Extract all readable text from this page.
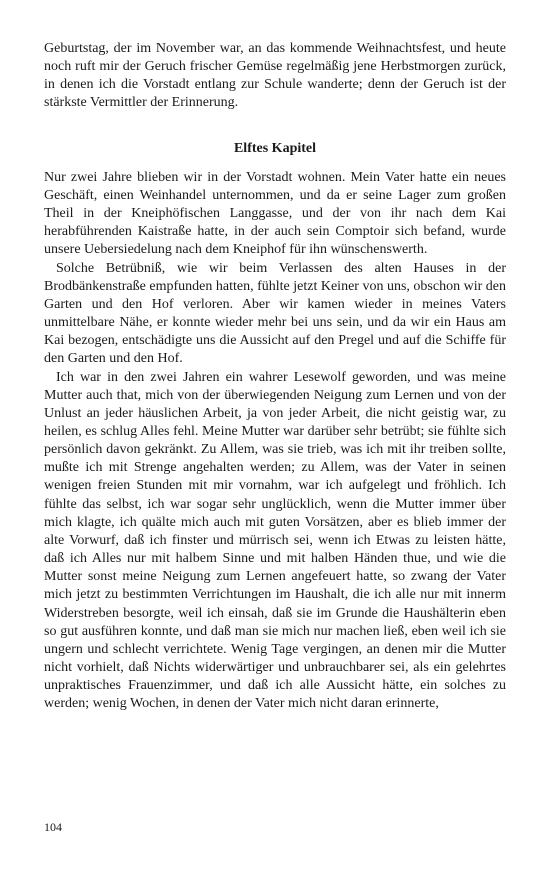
Geburtstag, der im November war, an das kommende Weihnachtsfest, und heute noch ruft mir der Geruch frischer Gemüse regelmäßig jene Herbstmorgen zurück, in denen ich die Vorstadt entlang zur Schule wanderte; denn der Geruch ist der stärkste Vermittler der Erinnerung.

Elftes Kapitel

Nur zwei Jahre blieben wir in der Vorstadt wohnen. Mein Vater hatte ein neues Geschäft, einen Weinhandel unternommen, und da er seine Lager zum großen Theil in der Kneiphöfischen Langgasse, und der von ihr nach dem Kai herabführenden Kaistraße hatte, in der auch sein Comptoir sich befand, wurde unsere Uebersiedelung nach dem Kneiphof für ihn wünschenswerth.

Solche Betrübniß, wie wir beim Verlassen des alten Hauses in der Brodbänkenstraße empfunden hatten, fühlte jetzt Keiner von uns, obschon wir den Garten und den Hof verloren. Aber wir kamen wieder in meines Vaters unmittelbare Nähe, er konnte wieder mehr bei uns sein, und da wir ein Haus am Kai bezogen, entschädigte uns die Aussicht auf den Pregel und auf die Schiffe für den Garten und den Hof.

Ich war in den zwei Jahren ein wahrer Lesewolf geworden, und was meine Mutter auch that, mich von der überwiegenden Neigung zum Lernen und von der Unlust an jeder häuslichen Arbeit, ja von jeder Arbeit, die nicht geistig war, zu heilen, es schlug Alles fehl. Meine Mutter war darüber sehr betrübt; sie fühlte sich persönlich davon gekränkt. Zu Allem, was sie trieb, was ich mit ihr treiben sollte, mußte ich mit Strenge angehalten werden; zu Allem, was der Vater in seinen wenigen freien Stunden mit mir vornahm, war ich aufgelegt und fröhlich. Ich fühlte das selbst, ich war sogar sehr unglücklich, wenn die Mutter immer über mich klagte, ich quälte mich auch mit guten Vorsätzen, aber es blieb immer der alte Vorwurf, daß ich finster und mürrisch sei, wenn ich Etwas zu leisten hätte, daß ich Alles nur mit halbem Sinne und mit halben Händen thue, und wie die Mutter sonst meine Neigung zum Lernen angefeuert hatte, so zwang der Vater mich jetzt zu bestimmten Verrichtungen im Haushalt, die ich alle nur mit innerm Widerstreben besorgte, weil ich einsah, daß sie im Grunde die Haushälterin eben so gut ausführen konnte, und daß man sie mich nur machen ließ, eben weil ich sie ungern und schlecht verrichtete. Wenig Tage vergingen, an denen mir die Mutter nicht vorhielt, daß Nichts widerwärtiger und unbrauchbarer sei, als ein gelehrtes unpraktisches Frauenzimmer, und daß ich alle Aussicht hätte, ein solches zu werden; wenig Wochen, in denen der Vater mich nicht daran erinnerte,

104
